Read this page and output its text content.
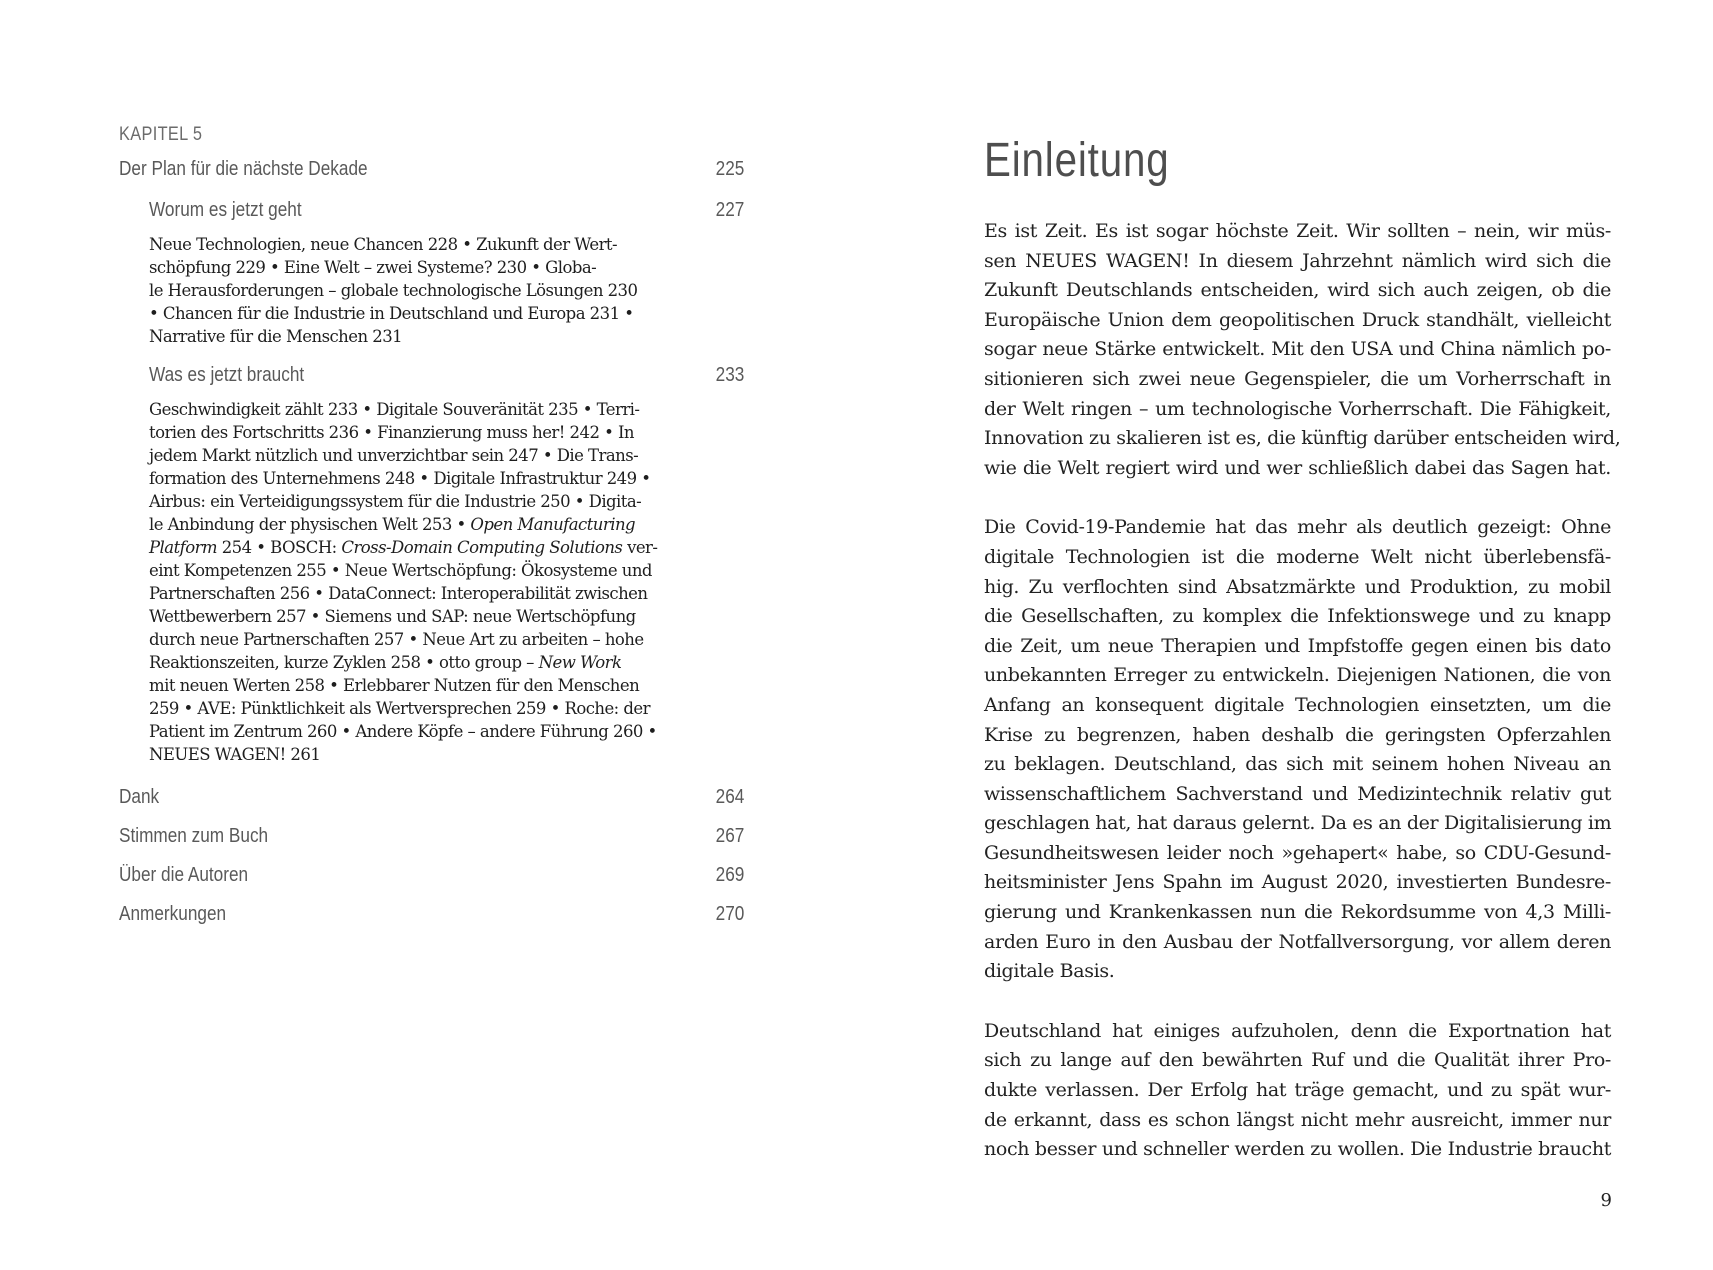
KAPITEL 5
Der Plan für die nächste Dekade	225
Worum es jetzt geht	227
Neue Technologien, neue Chancen 228 • Zukunft der Wert-
schöpfung 229 • Eine Welt – zwei Systeme? 230 • Globa-
le Herausforderungen – globale technologische Lösungen 230
• Chancen für die Industrie in Deutschland und Europa 231 •
Narrative für die Menschen 231
Was es jetzt braucht	233
Geschwindigkeit zählt 233 • Digitale Souveränität 235 • Terri-
torien des Fortschritts 236 • Finanzierung muss her! 242 • In
jedem Markt nützlich und unverzichtbar sein 247 • Die Trans-
formation des Unternehmens 248 • Digitale Infrastruktur 249 •
Airbus: ein Verteidigungssystem für die Industrie 250 • Digita-
le Anbindung der physischen Welt 253 • Open Manufacturing
Platform 254 • BOSCH: Cross-Domain Computing Solutions ver-
eint Kompetenzen 255 • Neue Wertschöpfung: Ökosysteme und
Partnerschaften 256 • DataConnect: Interoperabilität zwischen
Wettbewerbern 257 • Siemens und SAP: neue Wertschöpfung
durch neue Partnerschaften 257 • Neue Art zu arbeiten – hohe
Reaktionszeiten, kurze Zyklen 258 • otto group – New Work
mit neuen Werten 258 • Erlebbarer Nutzen für den Menschen
259 • AVE: Pünktlichkeit als Wertversprechen 259 • Roche: der
Patient im Zentrum 260 • Andere Köpfe – andere Führung 260 •
NEUES WAGEN! 261
Dank	264
Stimmen zum Buch	267
Über die Autoren	269
Anmerkungen	270
Einleitung
Es ist Zeit. Es ist sogar höchste Zeit. Wir sollten – nein, wir müs-
sen NEUES WAGEN! In diesem Jahrzehnt nämlich wird sich die
Zukunft Deutschlands entscheiden, wird sich auch zeigen, ob die
Europäische Union dem geopolitischen Druck standhält, vielleicht
sogar neue Stärke entwickelt. Mit den USA und China nämlich po-
sitionieren sich zwei neue Gegenspieler, die um Vorherrschaft in
der Welt ringen – um technologische Vorherrschaft. Die Fähigkeit,
Innovation zu skalieren ist es, die künftig darüber entscheiden wird,
wie die Welt regiert wird und wer schließlich dabei das Sagen hat.
Die Covid-19-Pandemie hat das mehr als deutlich gezeigt: Ohne
digitale Technologien ist die moderne Welt nicht überlebensfä-
hig. Zu verflochten sind Absatzmärkte und Produktion, zu mobil
die Gesellschaften, zu komplex die Infektionswege und zu knapp
die Zeit, um neue Therapien und Impfstoffe gegen einen bis dato
unbekannten Erreger zu entwickeln. Diejenigen Nationen, die von
Anfang an konsequent digitale Technologien einsetzten, um die
Krise zu begrenzen, haben deshalb die geringsten Opferzahlen
zu beklagen. Deutschland, das sich mit seinem hohen Niveau an
wissenschaftlichem Sachverstand und Medizintechnik relativ gut
geschlagen hat, hat daraus gelernt. Da es an der Digitalisierung im
Gesundheitswesen leider noch »gehapert« habe, so CDU-Gesund-
heitsminister Jens Spahn im August 2020, investierten Bundesre-
gierung und Krankenkassen nun die Rekordsumme von 4,3 Milli-
arden Euro in den Ausbau der Notfallversorgung, vor allem deren
digitale Basis.
Deutschland hat einiges aufzuholen, denn die Exportnation hat
sich zu lange auf den bewährten Ruf und die Qualität ihrer Pro-
dukte verlassen. Der Erfolg hat träge gemacht, und zu spät wur-
de erkannt, dass es schon längst nicht mehr ausreicht, immer nur
noch besser und schneller werden zu wollen. Die Industrie braucht
9
